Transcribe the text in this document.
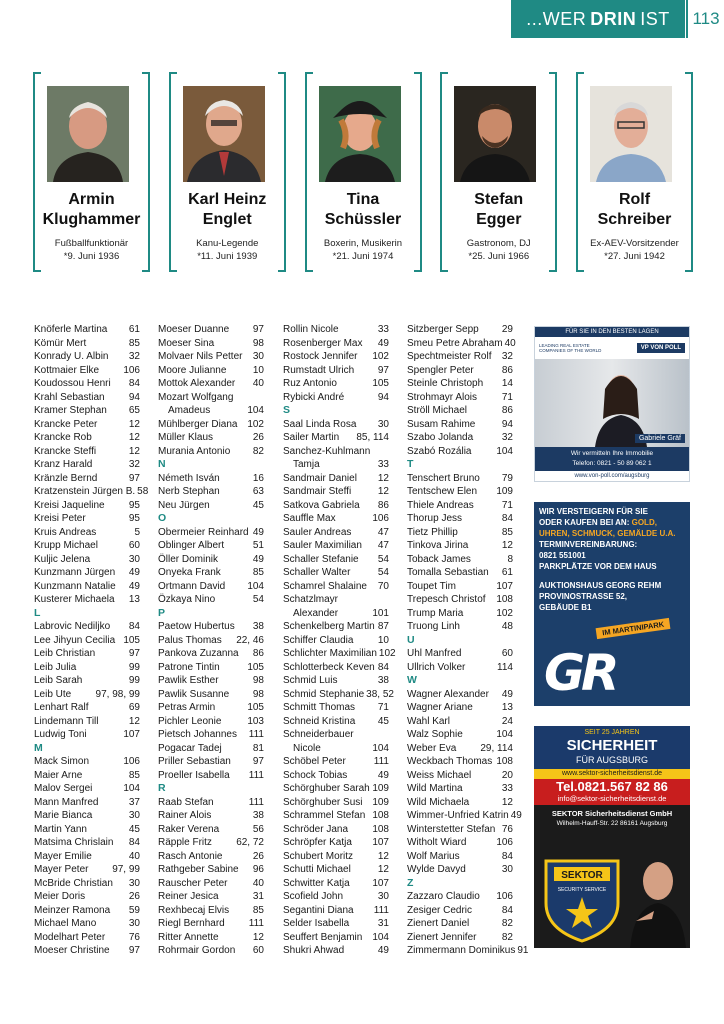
...WER DRIN IST	113
Armin
Klughammer
Fußballfunktionär
*9. Juni 1936
Karl Heinz
Englet
Kanu-Legende
*11. Juni 1939
Tina
Schüssler
Boxerin, Musikerin
*21. Juni 1974
Stefan
Egger
Gastronom, DJ
*25. Juni 1966
Rolf
Schreiber
Ex-AEV-Vorsitzender
*27. Juni 1942
Knöferle Martina 61
Kömür Mert	85
Konrady U. Albin 32
Kottmaier Elke 106
Koudossou Henri 84
Krahl Sebastian 94
Kramer Stephan 65
Krancke Peter	12
Krancke Rob	12
Krancke Steffi	12
Kranz Harald	32
Kränzle Bernd	97
Kratzenstein Jürgen B. 58
Kreisi Jaqueline 95
Kreisi Peter	95
Kruis Andreas	5
Krupp Michael	60
Kuljic Jelena	30
Kunzmann Jürgen 49
Kunzmann Natalie 49
Kusterer Michaela 13
L
Labrovic Nediljko 84
Lee Jihyun Cecilia 105
Leib Christian	97
Leib Julia	99
Leib Sarah	99
Leib Ute 97, 98, 99
Lenhart Ralf	69
Lindemann Till	12
Ludwig Toni	107
M
Mack Simon	106
Maier Arne	85
Malov Sergei	104
Mann Manfred	37
Marie Bianca	30
Martin Yann	45
Matsima Chrislain 84
Mayer Emilie	40
Mayer Peter 97, 99
McBride Christian 30
Meier Doris	26
Meinzer Ramona 59
Michael Mano	30
Modelhart Peter 76
Moeser Christine 97
Moeser Duanne 97
Moeser Sina	98
Molvaer Nils Petter 30
Moore Julianne	10
Mottok Alexander 40
Mozart Wolfgang
Amadeus	104
Mühlberger Diana 102
Müller Klaus	26
Murania Antonio 82
N
Németh Isván	16
Nerb Stephan	63
Neu Jürgen	45
O
Obermeier Reinhard 49
Oblinger Albert	51
Öller Dominik	49
Onyeka Frank	85
Ortmann David 104
Özkaya Nino	54
P
Paetow Hubertus 38
Palus Thomas 22, 46
Pankova Zuzanna 86
Patrone Tintin	105
Pawlik Esther	98
Pawlik Susanne 98
Petras Armin	105
Pichler Leonie	103
Pietsch Johannes 111
Pogacar Tadej	81
Priller Sebastian 97
Proeller Isabella 111
R
Raab Stefan	111
Rainer Alois	38
Raker Verena	56
Räpple Fritz 62, 72
Rasch Antonie	26
Rathgeber Sabine 96
Rauscher Peter	40
Reiner Jesica	31
Rexhbecaj Elvis 85
Riegl Bernhard 111
Ritter Annette	12
Rohrmair Gordon 60
Rollin Nicole	33
Rosenberger Max 49
Rostock Jennifer 102
Rumstadt Ulrich 97
Ruz Antonio	105
Rybicki André	94
S
Saal Linda Rosa 30
Sailer Martin 85, 114
Sanchez-Kuhlmann
Tamja	33
Sandmair Daniel 12
Sandmair Steffi	12
Satkova Gabriela 86
Sauffle Max	106
Sauler Andreas	47
Sauler Maximilian 47
Schaller Stefanie 54
Schaller Walter	54
Schamrel Shalaine 70
Schatzlmayr
Alexander	101
Schenkelberg Martin 87
Schiffer Claudia 10
Schlichter Maximilian 102
Schlotterbeck Keven 84
Schmid Luis	38
Schmid Stephanie 38, 52
Schmitt Thomas 71
Schneid Kristina 45
Schneiderbauer
Nicole	104
Schöbel Peter	111
Schock Tobias	49
Schörghuber Sarah 109
Schörghuber Susi 109
Schrammel Stefan 108
Schröder Jana 108
Schröpfer Katja 107
Schubert Moritz 12
Schutti Michael	12
Schwitter Katja 107
Scofield John	30
Segantini Diana 111
Selder Isabella	31
Seuffert Benjamin 104
Shukri Ahwad	49
Sitzberger Sepp 29
Smeu Petre Abraham 40
Spechtmeister Rolf 32
Spengler Peter	86
Steinle Christoph 14
Strohmayr Alois 71
Ströll Michael	86
Susam Rahime	94
Szabo Jolanda	32
Szabó Rozália 104
T
Tenschert Bruno 79
Tentschew Elen 109
Thiele Andreas	71
Thorup Jess	84
Tietz Phillip	85
Tinkova Jirina	12
Toback James	8
Tomalla Sebastian 61
Toupet Tim	107
Trepesch Christof 108
Trump Maria	102
Truong Linh	48
U
Uhl Manfred	60
Ullrich Volker	114
W
Wagner Alexander 49
Wagner Ariane	13
Wahl Karl	24
Walz Sophie	104
Weber Eva 29, 114
Weckbach Thomas 108
Weiss Michael	20
Wild Martina	33
Wild Michaela	12
Wimmer-Unfried Katrin 49
Winterstetter Stefan 76
Witholt Wiard	106
Wolf Marius	84
Wylde Davyd	30
Z
Zazzaro Claudio 106
Zesiger Cedric	84
Zienert Daniel	82
Zienert Jennifer	82
Zimmermann Dominikus 91
FÜR SIE IN DEN BESTEN LAGEN
LEADING REAL ESTATE COMPANIES OF THE WORLD	VP VON POLL
Gabriele Gräf
Wir vermitteln Ihre Immobilie
Telefon: 0821 - 50 89 062 1
www.von-poll.com/augsburg
WIR VERSTEIGERN FÜR SIE
ODER KAUFEN BEI AN: GOLD,
UHREN, SCHMUCK, GEMÄLDE U.A.
TERMINVEREINBARUNG:
0821 551001
PARKPLÄTZE VOR DEM HAUS
AUKTIONSHAUS GEORG REHM
PROVINOSTRASSE 52,
GEBÄUDE B1
IM MARTINIPARK
GR
SEIT 25 JAHREN
SICHERHEIT
FÜR AUGSBURG
www.sektor-sicherheitsdienst.de
Tel.0821.567 82 86
info@sektor-sicherheitsdienst.de
SEKTOR Sicherheitsdienst GmbH
Wilhelm-Hauff-Str. 22 86161 Augsburg
SEKTOR
SECURITY SERVICE
